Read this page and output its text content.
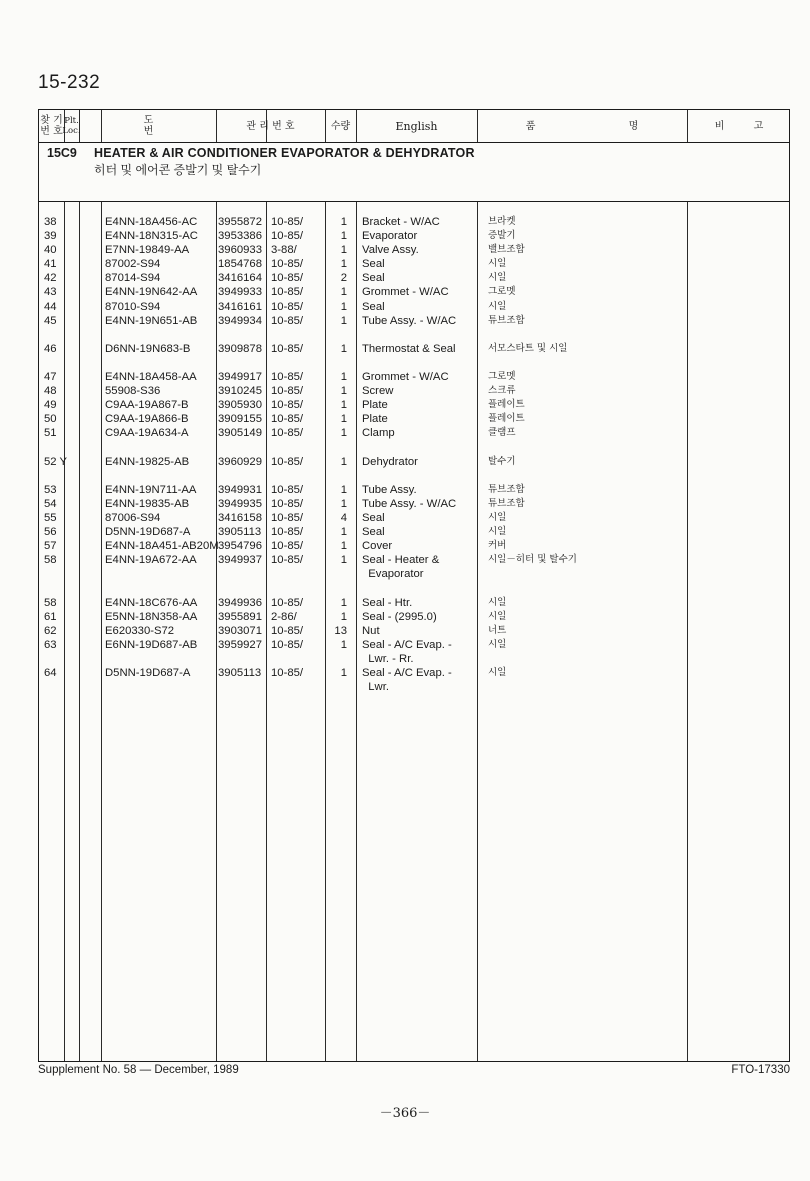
15-232
찾 기
번 호
Plt.
Loc.
도 번	관 리 번 호	수량	English	품 명	비 고
15C9 HEATER & AIR CONDITIONER EVAPORATOR & DEHYDRATOR
히터 및 에어콘 증발기 및 탈수기
38	E4NN-18A456-AC 3955872 10-85/	1 Bracket - W/AC	브라켓
39	E4NN-18N315-AC 3953386 10-85/	1 Evaporator	증발기
40	E7NN-19849-AA	3960933 3-88/	1 Valve Assy.	밸브조합
41	87002-S94	1854768 10-85/	1 Seal	시일
42	87014-S94	3416164 10-85/	2 Seal	시일
43	E4NN-19N642-AA 3949933 10-85/	1 Grommet - W/AC	그로멧
44	87010-S94	3416161 10-85/	1 Seal	시일
45	E4NN-19N651-AB 3949934 10-85/	1 Tube Assy. - W/AC	튜브조합
46	D6NN-19N683-B 3909878 10-85/	1 Thermostat & Seal	서모스타트 및 시일
47	E4NN-18A458-AA 3949917 10-85/	1 Grommet - W/AC	그로멧
48	55908-S36	3910245 10-85/	1 Screw	스크류
49	C9AA-19A867-B	3905930 10-85/	1 Plate	플레이트
50	C9AA-19A866-B	3909155 10-85/	1 Plate	플레이트
51	C9AA-19A634-A	3905149 10-85/	1 Clamp	클램프
52 Y	E4NN-19825-AB	3960929 10-85/	1 Dehydrator	탈수기
53	E4NN-19N711-AA 3949931 10-85/	1 Tube Assy.	튜브조합
54	E4NN-19835-AB	3949935 10-85/	1 Tube Assy. - W/AC	튜브조합
55	87006-S94	3416158 10-85/	4 Seal	시일
56	D5NN-19D687-A 3905113 10-85/	1 Seal	시일
57	E4NN-18A451-AB20M 3954796 10-85/	1 Cover	커버
58	E4NN-19A672-AA 3949937 10-85/	1 Seal - Heater &	시일－히터 및 탈수기
Evaporator
58	E4NN-18C676-AA 3949936 10-85/	1 Seal - Htr.	시일
61	E5NN-18N358-AA 3955891 2-86/	1 Seal - (2995.0)	시일
62	E620330-S72	3903071 10-85/	13 Nut	너트
63	E6NN-19D687-AB 3959927 10-85/	1 Seal - A/C Evap. -	시일
Lwr. - Rr.
64	D5NN-19D687-A 3905113 10-85/	1 Seal - A/C Evap. -	시일
Lwr.
Supplement No. 58 — December, 1989	FTO-17330
－366－
